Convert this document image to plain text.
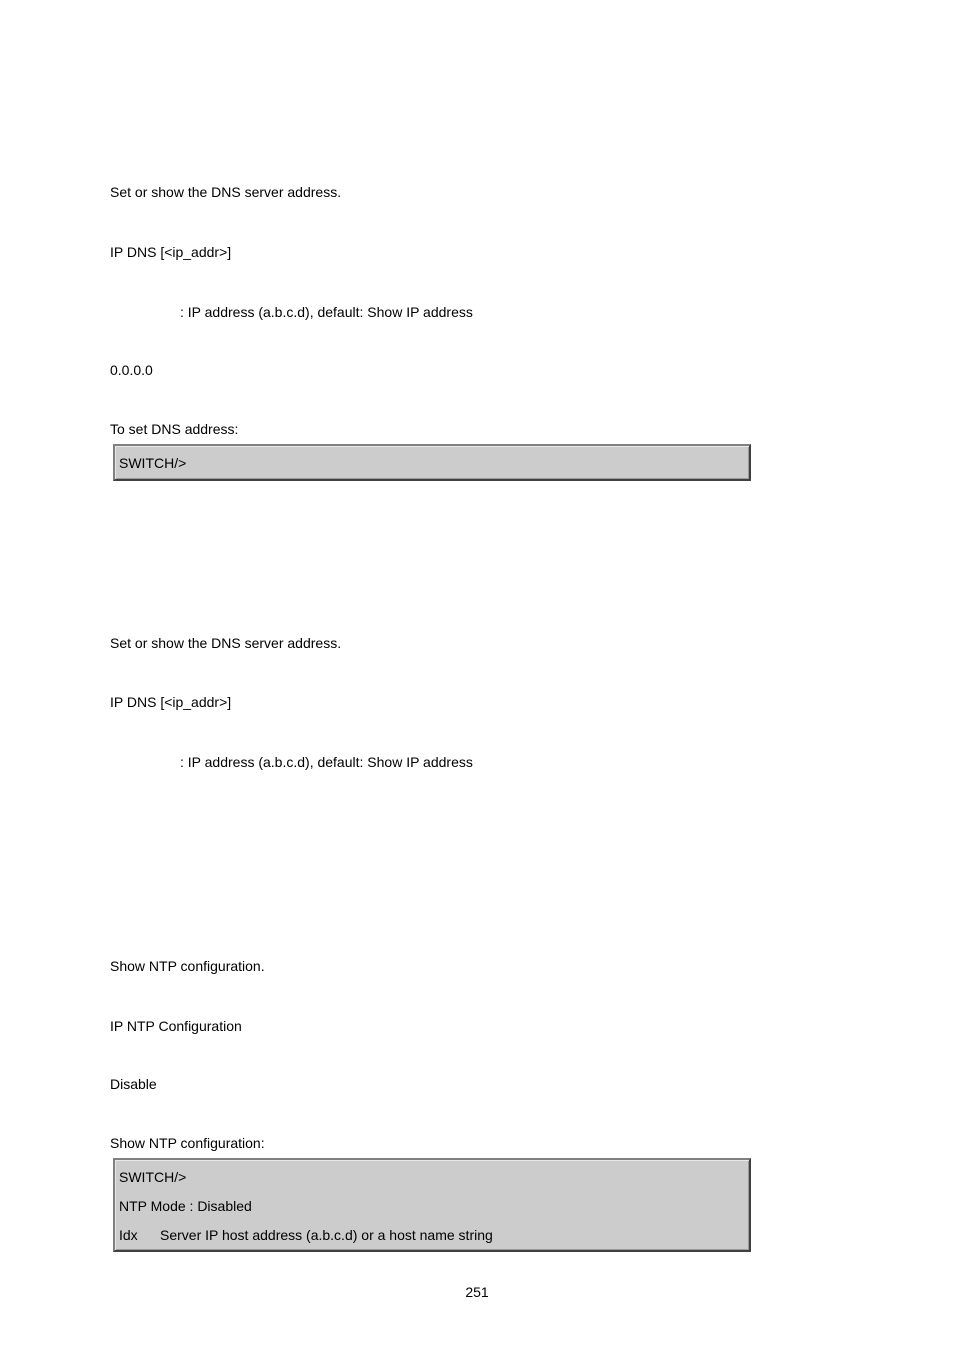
Set or show the DNS server address.
IP DNS [<ip_addr>]
: IP address (a.b.c.d), default: Show IP address
0.0.0.0
To set DNS address:
SWITCH/>
Set or show the DNS server address.
IP DNS [<ip_addr>]
: IP address (a.b.c.d), default: Show IP address
Show NTP configuration.
IP NTP Configuration
Disable
Show NTP configuration:
SWITCH/>
NTP Mode : Disabled
Idx Server IP host address (a.b.c.d) or a host name string
251
